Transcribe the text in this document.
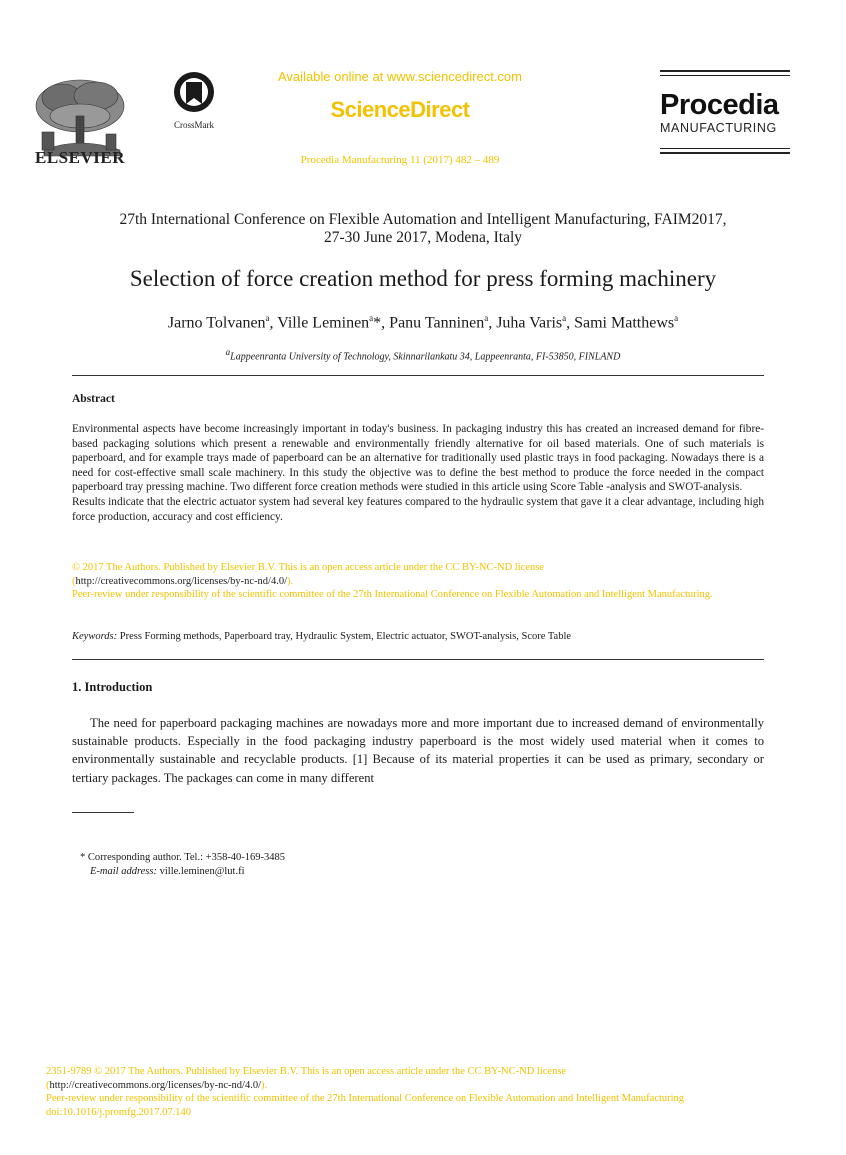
ELSEVIER
CrossMark
Available online at www.sciencedirect.com
ScienceDirect
Procedia Manufacturing 11 (2017) 482 – 489
Procedia
MANUFACTURING
27th International Conference on Flexible Automation and Intelligent Manufacturing, FAIM2017,
27-30 June 2017, Modena, Italy
Selection of force creation method for press forming machinery
Jarno Tolvanen$^a$, Ville Leminen$^a$*, Panu Tanninen$^a$, Juha Varis$^a$, Sami Matthews$^a$
$^a$Lappeenranta University of Technology, Skinnarilankatu 34, Lappeenranta, FI-53850, FINLAND
Abstract

Environmental aspects have become increasingly important in today's business. In packaging industry this has created an increased demand for fibre-based packaging solutions which present a renewable and environmentally friendly alternative for oil based materials. One of such materials is paperboard, and for example trays made of paperboard can be an alternative for traditionally used plastic trays in food packaging. Nowadays there is a need for cost-effective small scale machinery. In this study the objective was to define the best method to produce the force needed in the compact paperboard tray pressing machine. Two different force creation methods were studied in this article using Score Table -analysis and SWOT-analysis.

Results indicate that the electric actuator system had several key features compared to the hydraulic system that gave it a clear advantage, including high force production, accuracy and cost efficiency.

© 2017 The Authors. Published by Elsevier B.V. This is an open access article under the CC BY-NC-ND license
(http://creativecommons.org/licenses/by-nc-nd/4.0/).
Peer-review under responsibility of the scientific committee of the 27th International Conference on Flexible Automation and Intelligent Manufacturing.
Keywords: Press Forming methods, Paperboard tray, Hydraulic System, Electric actuator, SWOT-analysis, Score Table
1. Introduction
The need for paperboard packaging machines are nowadays more and more important due to increased demand of environmentally sustainable products. Especially in the food packaging industry paperboard is the most widely used material when it comes to environmentally sustainable and recyclable products. [1] Because of its material properties it can be used as primary, secondary or tertiary packages. The packages can come in many different
* Corresponding author. Tel.: +358-40-169-3485
E-mail address: ville.leminen@lut.fi
2351-9789 © 2017 The Authors. Published by Elsevier B.V. This is an open access article under the CC BY-NC-ND license
(http://creativecommons.org/licenses/by-nc-nd/4.0/).
Peer-review under responsibility of the scientific committee of the 27th International Conference on Flexible Automation and Intelligent Manufacturing
doi:10.1016/j.promfg.2017.07.140
